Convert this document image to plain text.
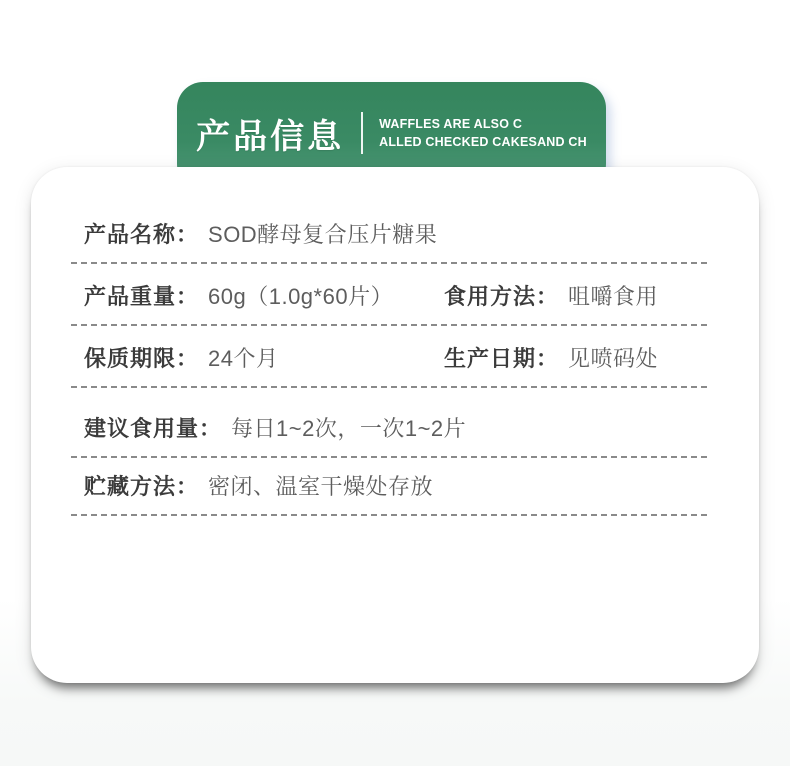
产品信息	WAFFLES ARE ALSO C
ALLED CHECKED CAKESAND CH
产品名称： SOD酵母复合压片糖果
产品重量： 60g（1.0g*60片） 食用方法： 咀嚼食用
保质期限： 24个月	生产日期： 见喷码处
建议食用量： 每日1~2次，一次1~2片
贮藏方法： 密闭、温室干燥处存放
